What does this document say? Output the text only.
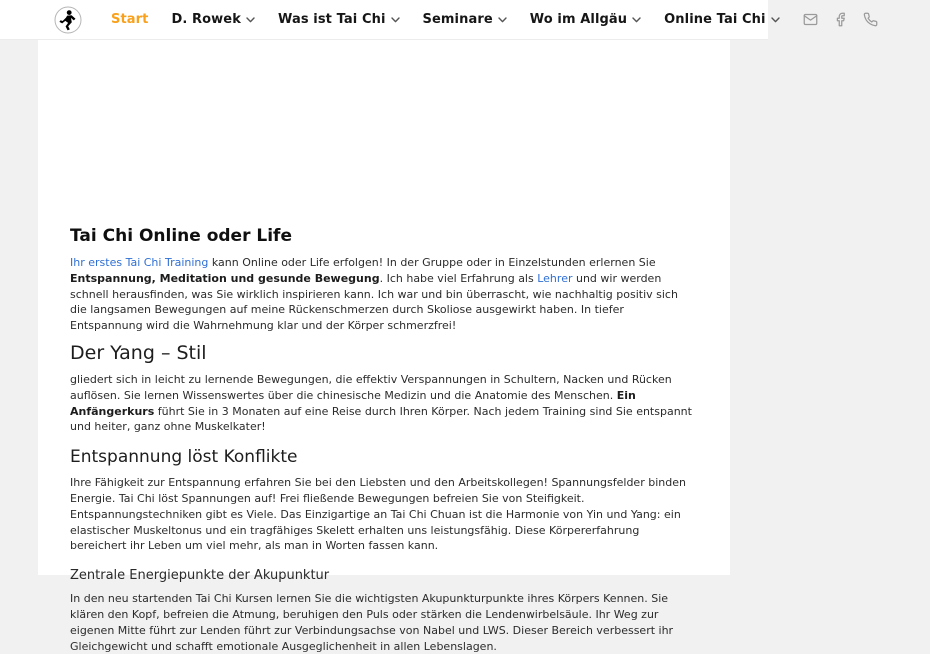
Start D. Rowek	Was ist Tai Chi	Seminare	Wo im Allgäu	Online Tai Chi
Tai Chi Online oder Life

Ihr erstes Tai Chi Training kann Online oder Life erfolgen! In der Gruppe oder in Einzelstunden erlernen Sie Entspannung, Meditation und gesunde Bewegung. Ich habe viel Erfahrung als Lehrer und wir werden schnell herausfinden, was Sie wirklich inspirieren kann. Ich war und bin überrascht, wie nachhaltig positiv sich die langsamen Bewegungen auf meine Rückenschmerzen durch Skoliose ausgewirkt haben. In tiefer Entspannung wird die Wahrnehmung klar und der Körper schmerzfrei!

Der Yang – Stil

gliedert sich in leicht zu lernende Bewegungen, die effektiv Verspannungen in Schultern, Nacken und Rücken auflösen. Sie lernen Wissenswertes über die chinesische Medizin und die Anatomie des Menschen. Ein Anfängerkurs führt Sie in 3 Monaten auf eine Reise durch Ihren Körper. Nach jedem Training sind Sie entspannt und heiter, ganz ohne Muskelkater!

Entspannung löst Konflikte

Ihre Fähigkeit zur Entspannung erfahren Sie bei den Liebsten und den Arbeitskollegen! Spannungsfelder binden Energie. Tai Chi löst Spannungen auf! Frei fließende Bewegungen befreien Sie von Steifigkeit. Entspannungstechniken gibt es Viele. Das Einzigartige an Tai Chi Chuan ist die Harmonie von Yin und Yang: ein elastischer Muskeltonus und ein tragfähiges Skelett erhalten uns leistungsfähig. Diese Körpererfahrung bereichert ihr Leben um viel mehr, als man in Worten fassen kann.

Zentrale Energiepunkte der Akupunktur

In den neu startenden Tai Chi Kursen lernen Sie die wichtigsten Akupunkturpunkte ihres Körpers Kennen. Sie klären den Kopf, befreien die Atmung, beruhigen den Puls oder stärken die Lendenwirbelsäule. Ihr Weg zur eigenen Mitte führt zur Lenden führt zur Verbindungsachse von Nabel und LWS. Dieser Bereich verbessert ihr Gleichgewicht und schafft emotionale Ausgeglichenheit in allen Lebenslagen.
